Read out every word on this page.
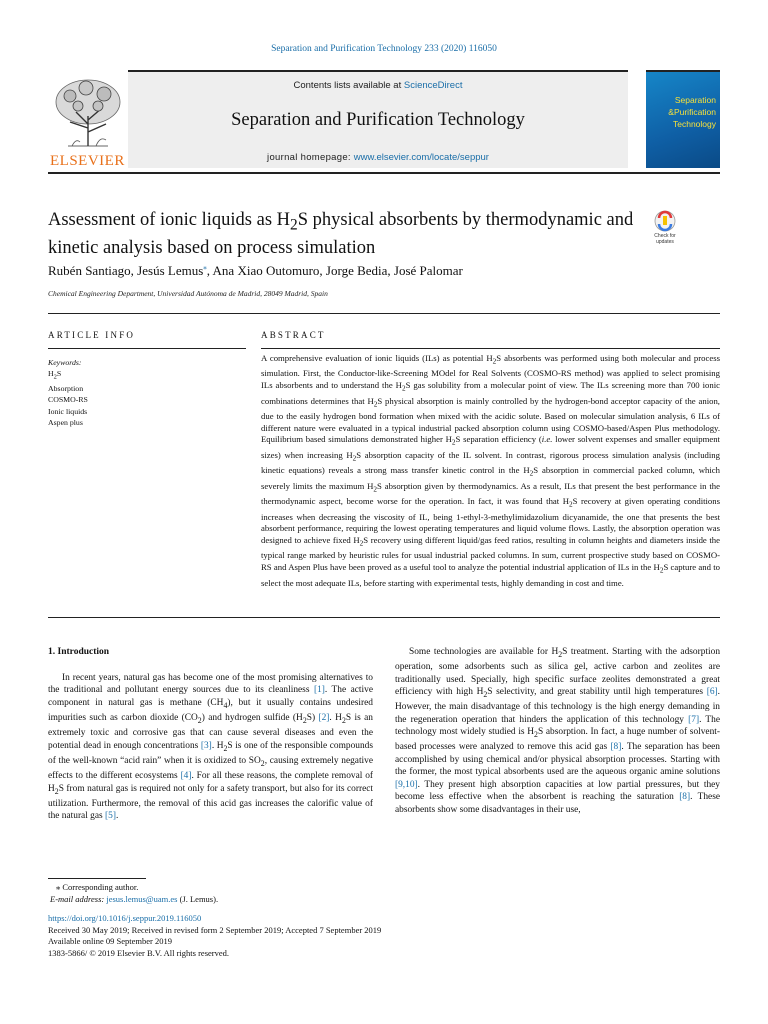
Separation and Purification Technology 233 (2020) 116050
ELSEVIER
Contents lists available at ScienceDirect
Separation and Purification Technology
journal homepage: www.elsevier.com/locate/seppur
Separation
&Purification
Technology
Assessment of ionic liquids as $H_2S$ physical absorbents by thermodynamic and kinetic analysis based on process simulation
Check for updates
Rubén Santiago, Jesús Lemus⁎, Ana Xiao Outomuro, Jorge Bedia, José Palomar
Chemical Engineering Department, Universidad Autónoma de Madrid, 28049 Madrid, Spain
ARTICLE INFO	ABSTRACT
Keywords:
$H_2S$
Absorption
COSMO-RS
Ionic liquids
Aspen plus
A comprehensive evaluation of ionic liquids (ILs) as potential $H_2S$ absorbents was performed using both molecular and process simulation. First, the Conductor-like-Screening MOdel for Real Solvents (COSMO-RS method) was applied to select promising ILs absorbents and to understand the $H_2S$ gas solubility from a molecular point of view. The ILs screening more than 700 ionic combinations determines that $H_2S$ physical absorption is mainly controlled by the hydrogen-bond acceptor capacity of the anion, due to the easily hydrogen bond formation when mixed with the acidic solute. Based on molecular simulation analysis, 6 ILs of different nature were evaluated in a typical industrial packed absorption column using COSMO-based/Aspen Plus methodology. Equilibrium based simulations demonstrated higher $H_2S$ separation efficiency (i.e. lower solvent expenses and smaller equipment sizes) when increasing $H_2S$ absorption capacity of the IL solvent. In contrast, rigorous process simulation analysis (including kinetic equations) reveals a strong mass transfer kinetic control in the $H_2S$ absorption in commercial packed column, which severely limits the maximum $H_2S$ absorption given by thermodynamics. As a result, ILs that present the best performance in the thermodynamic aspect, become worse for the operation. In fact, it was found that $H_2S$ recovery at given operating conditions increases when decreasing the viscosity of IL, being 1-ethyl-3-methylimidazolium dicyanamide, the one that presents the best absorbent performance, requiring the lowest operating temperatures and liquid volume flows. Lastly, the absorption operation was designed to achieve fixed $H_2S$ recovery using different liquid/gas feed ratios, resulting in column heights and diameters inside the typical range marked by heuristic rules for usual industrial packed columns. In sum, current prospective study based on COSMO-RS and Aspen Plus have been proved as a useful tool to analyze the potential industrial application of ILs in the $H_2S$ capture and to select the most adequate ILs, before starting with experimental tests, highly demanding in cost and time.
1. Introduction
In recent years, natural gas has become one of the most promising alternatives to the traditional and pollutant energy sources due to its cleanliness [1]. The active component in natural gas is methane $(CH_4)$, but it usually contains undesired impurities such as carbon dioxide $(CO_2)$ and hydrogen sulfide $(H_2S)$ [2]. $H_2S$ is an extremely toxic and corrosive gas that can cause several diseases and even the potential dead in enough concentrations [3]. $H_2S$ is one of the responsible compounds of the well-known “acid rain” when it is oxidized to $SO_2$, causing extremely negative effects to the different ecosystems [4]. For all these reasons, the complete removal of $H_2S$ from natural gas is required not only for a safety transport, but also for its correct utilization. Furthermore, the removal of this acid gas increases the calorific value of the natural gas [5].
Some technologies are available for $H_2S$ treatment. Starting with the adsorption operation, some adsorbents such as silica gel, active carbon and zeolites are traditionally used. Specially, high specific surface zeolites demonstrated a great efficiency with high $H_2S$ selectivity, and great stability until high temperatures [6]. However, the main disadvantage of this technology is the high energy demanding in the regeneration operation that hinders the application of this technology [7]. The technology most widely studied is $H_2S$ absorption. In fact, a huge number of solvent-based processes were analyzed to remove this acid gas [8]. The separation has been accomplished by using chemical and/or physical absorption processes. Starting with the former, the most typical absorbents used are the aqueous organic amine solutions [9,10]. They present high absorption capacities at low partial pressures, but they become less effective when the absorbent is reaching the saturation [8]. These absorbents show some disadvantages in their use,
⁎ Corresponding author.
E-mail address: jesus.lemus@uam.es (J. Lemus).
https://doi.org/10.1016/j.seppur.2019.116050
Received 30 May 2019; Received in revised form 2 September 2019; Accepted 7 September 2019
Available online 09 September 2019
1383-5866/ © 2019 Elsevier B.V. All rights reserved.
